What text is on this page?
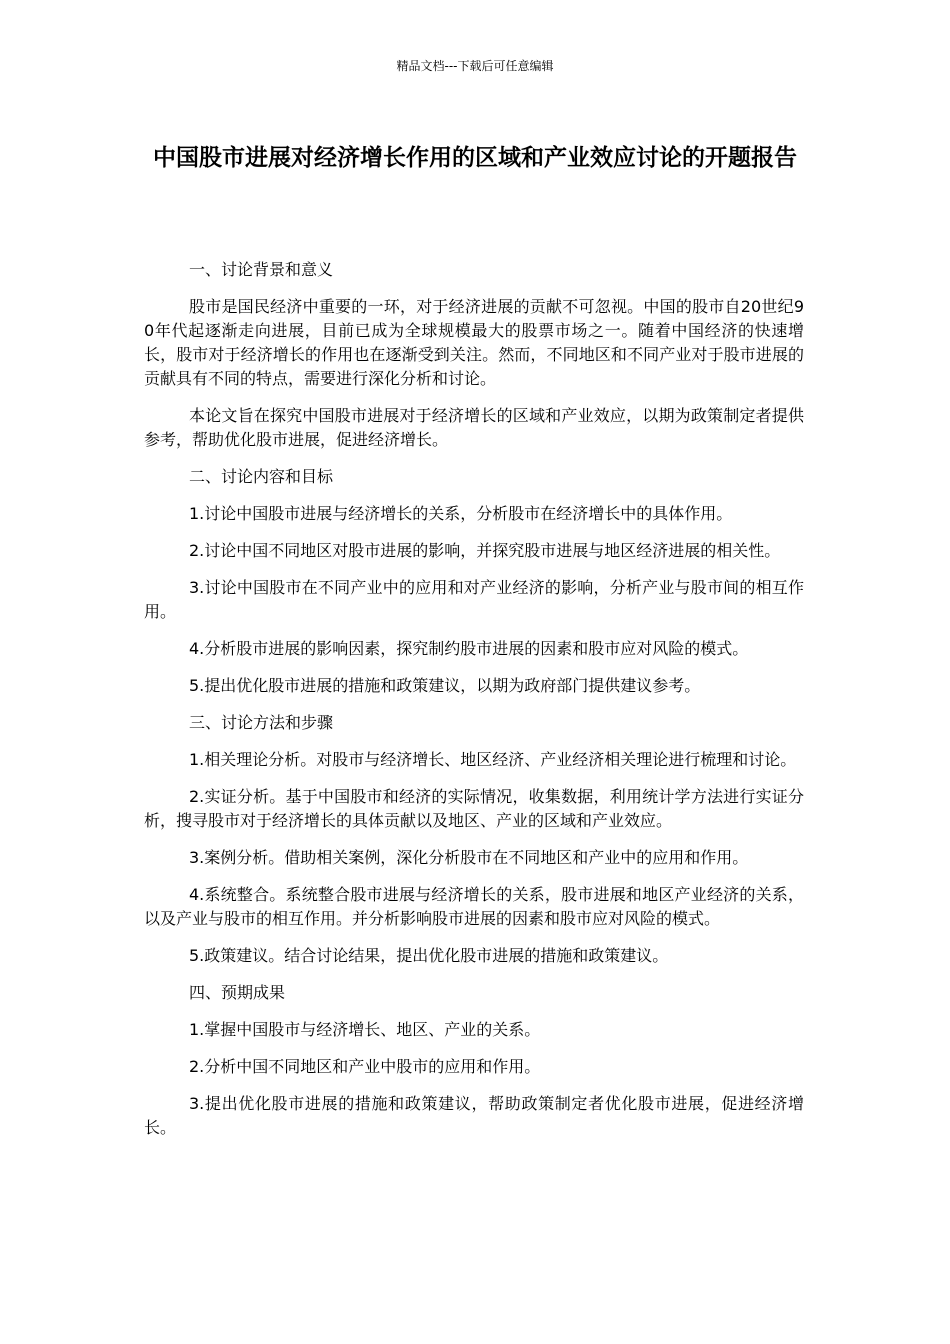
精品文档---下载后可任意编辑
中国股市进展对经济增长作用的区域和产业效应讨论的开题报告

一、讨论背景和意义

股市是国民经济中重要的一环，对于经济进展的贡献不可忽视。中国的股市自20世纪90年代起逐渐走向进展，目前已成为全球规模最大的股票市场之一。随着中国经济的快速增长，股市对于经济增长的作用也在逐渐受到关注。然而，不同地区和不同产业对于股市进展的贡献具有不同的特点，需要进行深化分析和讨论。

本论文旨在探究中国股市进展对于经济增长的区域和产业效应，以期为政策制定者提供参考，帮助优化股市进展，促进经济增长。

二、讨论内容和目标

1.讨论中国股市进展与经济增长的关系，分析股市在经济增长中的具体作用。

2.讨论中国不同地区对股市进展的影响，并探究股市进展与地区经济进展的相关性。

3.讨论中国股市在不同产业中的应用和对产业经济的影响，分析产业与股市间的相互作用。

4.分析股市进展的影响因素，探究制约股市进展的因素和股市应对风险的模式。

5.提出优化股市进展的措施和政策建议，以期为政府部门提供建议参考。

三、讨论方法和步骤

1.相关理论分析。对股市与经济增长、地区经济、产业经济相关理论进行梳理和讨论。

2.实证分析。基于中国股市和经济的实际情况，收集数据，利用统计学方法进行实证分析，搜寻股市对于经济增长的具体贡献以及地区、产业的区域和产业效应。

3.案例分析。借助相关案例，深化分析股市在不同地区和产业中的应用和作用。

4.系统整合。系统整合股市进展与经济增长的关系，股市进展和地区产业经济的关系，以及产业与股市的相互作用。并分析影响股市进展的因素和股市应对风险的模式。

5.政策建议。结合讨论结果，提出优化股市进展的措施和政策建议。

四、预期成果

1.掌握中国股市与经济增长、地区、产业的关系。

2.分析中国不同地区和产业中股市的应用和作用。

3.提出优化股市进展的措施和政策建议，帮助政策制定者优化股市进展，促进经济增长。
